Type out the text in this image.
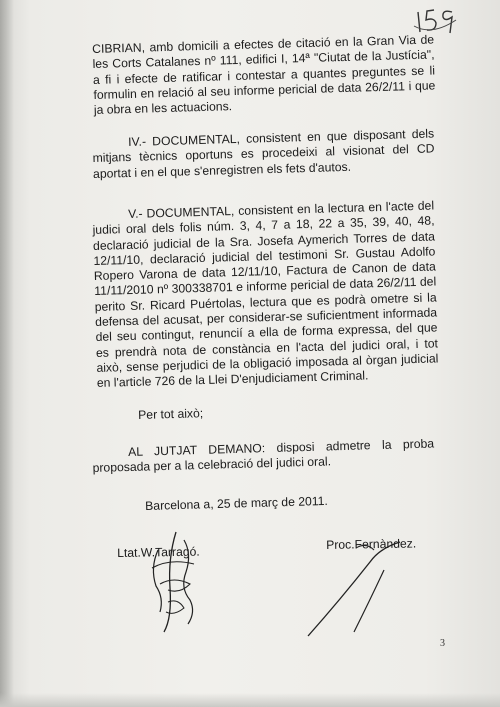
CIBRIAN, amb domicili a efectes de citació en la Gran Via de les Corts Catalanes nº 111, edifici I, 14ª "Ciutat de la Justícia", a fi i efecte de ratificar i contestar a quantes preguntes se li formulin en relació al seu informe pericial de data 26/2/11 i que ja obra en les actuacions.
IV.- DOCUMENTAL, consistent en que disposant dels mitjans tècnics oportuns es procedeixi al visionat del CD aportat i en el que s'enregistren els fets d'autos.
V.- DOCUMENTAL, consistent en la lectura en l'acte del judici oral dels folis núm. 3, 4, 7 a 18, 22 a 35, 39, 40, 48, declaració judicial de la Sra. Josefa Aymerich Torres de data 12/11/10, declaració judicial del testimoni Sr. Gustau Adolfo Ropero Varona de data 12/11/10, Factura de Canon de data 11/11/2010 nº 300338701 e informe pericial de data 26/2/11 del perito Sr. Ricard Puértolas, lectura que es podrà ometre si la defensa del acusat, per considerar-se suficientment informada del seu contingut, renuncií a ella de forma expressa, del que es prendrà nota de constància en l'acta del judici oral, i tot això, sense perjudici de la obligació imposada al òrgan judicial en l'article 726 de la Llei D'enjudiciament Criminal.
Per tot això;
AL JUTJAT DEMANO: disposi admetre la proba proposada per a la celebració del judici oral.
Barcelona a, 25 de març de 2011.
Ltat.W.Tarragó.
Proc.Fernàndez.
3
